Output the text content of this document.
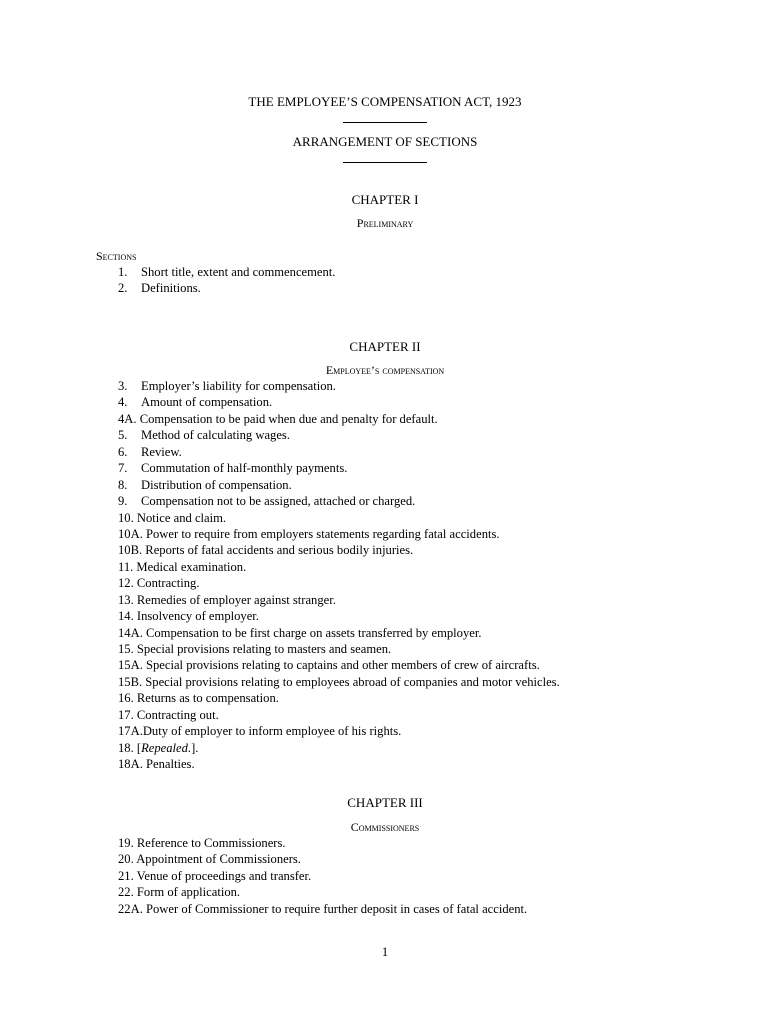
THE EMPLOYEE’S COMPENSATION ACT, 1923
ARRANGEMENT OF SECTIONS
CHAPTER I
Preliminary
Sections
1. Short title, extent and commencement.
2. Definitions.
CHAPTER II
Employee’s compensation
3. Employer’s liability for compensation.
4. Amount of compensation.
4A. Compensation to be paid when due and penalty for default.
5. Method of calculating wages.
6. Review.
7. Commutation of half-monthly payments.
8. Distribution of compensation.
9. Compensation not to be assigned, attached or charged.
10. Notice and claim.
10A. Power to require from employers statements regarding fatal accidents.
10B. Reports of fatal accidents and serious bodily injuries.
11. Medical examination.
12. Contracting.
13. Remedies of employer against stranger.
14. Insolvency of employer.
14A. Compensation to be first charge on assets transferred by employer.
15. Special provisions relating to masters and seamen.
15A. Special provisions relating to captains and other members of crew of aircrafts.
15B. Special provisions relating to employees abroad of companies and motor vehicles.
16. Returns as to compensation.
17. Contracting out.
17A.Duty of employer to inform employee of his rights.
18. [Repealed.].
18A. Penalties.
CHAPTER III
Commissioners
19. Reference to Commissioners.
20. Appointment of Commissioners.
21. Venue of proceedings and transfer.
22. Form of application.
22A. Power of Commissioner to require further deposit in cases of fatal accident.
1
